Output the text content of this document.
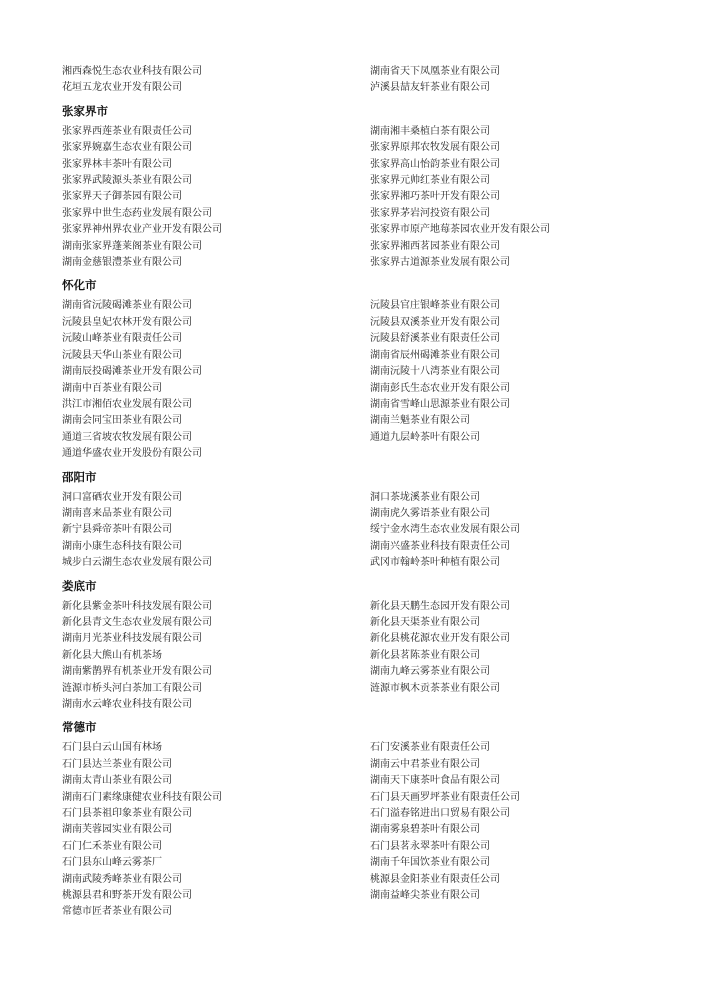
湘西森悦生态农业科技有限公司	湖南省天下凤凰茶业有限公司
花垣五龙农业开发有限公司	泸溪县喆友轩茶业有限公司
张家界市
张家界西莲茶业有限责任公司	湖南湘丰桑植白茶有限公司
张家界婉嘉生态农业有限公司	张家界原邦农牧发展有限公司
张家界林丰茶叶有限公司	张家界高山怡韵茶业有限公司
张家界武陵源头茶业有限公司	张家界元帅红茶业有限公司
张家界天子御茶园有限公司	张家界湘巧茶叶开发有限公司
张家界中世生态药业发展有限公司	张家界茅岩河投资有限公司
张家界神州界农业产业开发有限公司	张家界市原产地莓茶园农业开发有限公司
湖南张家界蓬莱阁茶业有限公司	张家界湘西茗园茶业有限公司
湖南金慈银澧茶业有限公司	张家界古道源茶业发展有限公司
怀化市
湖南省沅陵碣滩茶业有限公司	沅陵县官庄银峰茶业有限公司
沅陵县皇妃农林开发有限公司	沅陵县双溪茶业开发有限公司
沅陵山峰茶业有限责任公司	沅陵县舒溪茶业有限责任公司
沅陵县天华山茶业有限公司	湖南省辰州碣滩茶业有限公司
湖南辰投碣滩茶业开发有限公司	湖南沅陵十八湾茶业有限公司
湖南中百茶业有限公司	湖南彭氏生态农业开发有限公司
洪江市湘佰农业发展有限公司	湖南省雪峰山思源茶业有限公司
湖南会同宝田茶业有限公司	湖南兰魁茶业有限公司
通道三省坡农牧发展有限公司	通道九层岭茶叶有限公司
通道华盛农业开发股份有限公司

邵阳市
洞口富硒农业开发有限公司	洞口茶垅溪茶业有限公司
湖南喜来品茶业有限公司	湖南虎久雾语茶业有限公司
新宁县舜帝茶叶有限公司	绥宁金水湾生态农业发展有限公司
湖南小康生态科技有限公司	湖南兴盛茶业科技有限责任公司
城步白云湖生态农业发展有限公司	武冈市翰岭茶叶种植有限公司
娄底市
新化县紫金茶叶科技发展有限公司	新化县天鹏生态园开发有限公司
新化县青文生态农业发展有限公司	新化县天渠茶业有限公司
湖南月光茶业科技发展有限公司	新化县桃花源农业开发有限公司
新化县大熊山有机茶场	新化县茗陈茶业有限公司
湖南紫鹊界有机茶业开发有限公司	湖南九峰云雾茶业有限公司
涟源市桥头河白茶加工有限公司	涟源市枫木贡茶茶业有限公司
湖南水云峰农业科技有限公司

常德市
石门县白云山国有林场	石门安溪茶业有限责任公司
石门县达兰茶业有限公司	湖南云中君茶业有限公司
湖南太青山茶业有限公司	湖南天下康茶叶食品有限公司
湖南石门素缘康健农业科技有限公司	石门县天画罗坪茶业有限责任公司
石门县茶祖印象茶业有限公司	石门溢春铭进出口贸易有限公司
湖南芙蓉园实业有限公司	湖南雾泉碧茶叶有限公司
石门仁禾茶业有限公司	石门县茗永翠茶叶有限公司
石门县东山峰云雾茶厂	湖南千年国饮茶业有限公司
湖南武陵秀峰茶业有限公司	桃源县金阳茶业有限责任公司
桃源县君和野茶开发有限公司	湖南益峰尖茶业有限公司
常德市匠者茶业有限公司
